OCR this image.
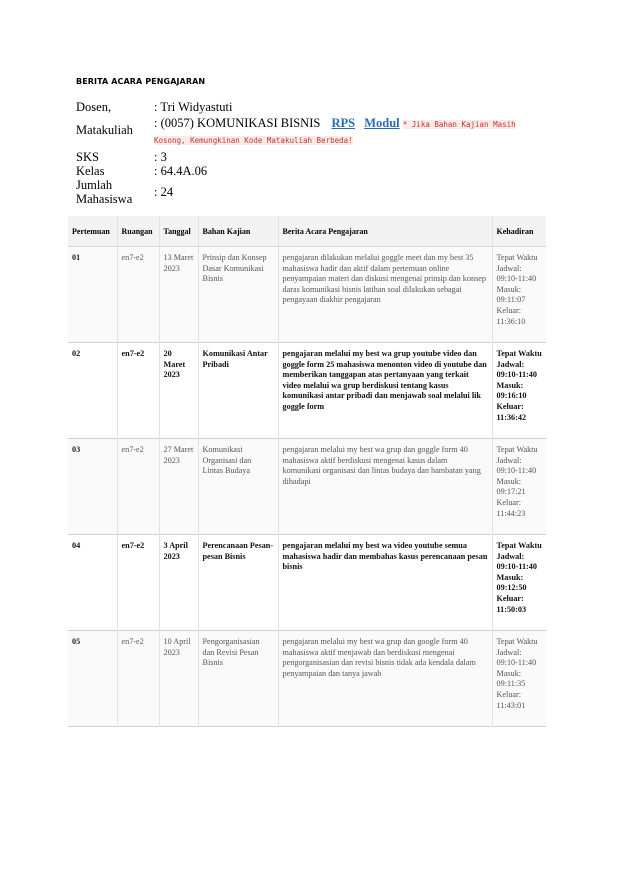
BERITA ACARA PENGAJARAN
Dosen,	: Tri Widyastuti
Matakuliah	: (0057) KOMUNIKASI BISNIS RPS Modul * Jika Bahan Kajian Masih Kosong, Kemungkinan Kode Matakuliah Berbeda!
SKS	: 3
Kelas	: 64.4A.06
Jumlah Mahasiswa	: 24
Pertemuan	Ruangan	Tanggal	Bahan Kajian	Berita Acara Pengajaran	Kehadiran
01	en7-e2	13 Maret 2023	Prinsip dan Konsep Dasar Komunikasi Bisnis	pengajaran dilakukan melalui goggle meet dan my best 35 mahasiswa hadir dan aktif dalam pertemuan online penyampaian materi dan diskusi mengenai prinsip dan konsep daras komunikasi bisnis latihan soal dilakukan sebagai pengayaan diakhir pengajaran	Tepat Waktu Jadwal: 09:10-11:40 Masuk: 09:11:07 Keluar: 11:36:10
02	en7-e2	20 Maret 2023	Komunikasi Antar Pribadi	pengajaran melalui my best wa grup youtube video dan goggle form 25 mahasiswa menonton video di youtube dan memberikan tanggapan atas pertanyaan yang terkait video melalui wa grup berdiskusi tentang kasus komunikasi antar pribadi dan menjawab soal melalui lik goggle form	Tepat Waktu Jadwal: 09:10-11:40 Masuk: 09:16:10 Keluar: 11:36:42
03	en7-e2	27 Maret 2023	Komunikasi Organisasi dan Lintas Budaya	pengajaran melalui my best wa grup dan goggle form 40 mahasiswa aktif berdiskusi mengenai kasus dalam komunikasi organisasi dan lintas budaya dan hambatan yang dihadapi	Tepat Waktu Jadwal: 09:10-11:40 Masuk: 09:17:21 Keluar: 11:44:23
04	en7-e2	3 April 2023	Perencanaan Pesan-pesan Bisnis	pengajaran melalui my best wa video youtube semua mahasiswa hadir dan membahas kasus perencanaan pesan bisnis	Tepat Waktu Jadwal: 09:10-11:40 Masuk: 09:12:50 Keluar: 11:50:03
05	en7-e2	10 April 2023	Pengorganisasian dan Revisi Pesan Bisnis	pengajaran melalui my best wa grup dan google form 40 mahasiswa aktif menjawab dan berdiskusi mengenai pengorganisasian dan revisi bisnis tidak ada kendala dalam penyampaian dan tanya jawab	Tepat Waktu Jadwal: 09:10-11:40 Masuk: 09:11:35 Keluar: 11:43:01
